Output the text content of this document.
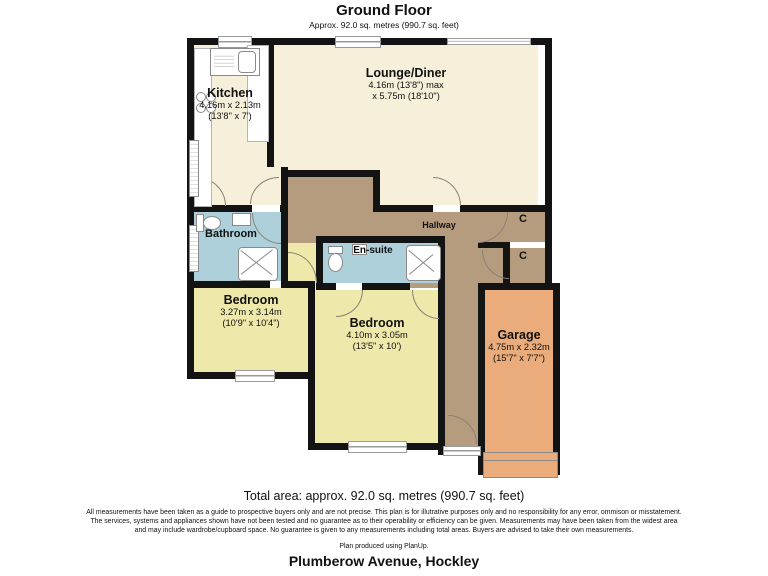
Ground Floor
Approx. 92.0 sq. metres (990.7 sq. feet)
Kitchen
4.16m x 2.13m
(13'8" x 7')
Lounge/Diner
4.16m (13'8") max
x 5.75m (18'10")
Bathroom
En-suite
Hallway	C
C
Bedroom
3.27m x 3.14m
(10'9" x 10'4")	Bedroom
4.10m x 3.05m
(13'5" x 10')
Garage
4.75m x 2.32m
(15'7" x 7'7")
Total area: approx. 92.0 sq. metres (990.7 sq. feet)
All measurements have been taken as a guide to prospective buyers only and are not precise. This plan is for illutrative purposes only and no responsibility for any error, ommison or misstatement. The services, systems and appliances shown have not been tested and no guarantee as to their operability or efficiency can be given. Measurements may have been taken from the widest area and may include wardrobe/cupboard space. No guarantee is given to any measurements including total areas. Buyers are advised to take their own measurements.
Plan produced using PlanUp.
Plumberow Avenue, Hockley
